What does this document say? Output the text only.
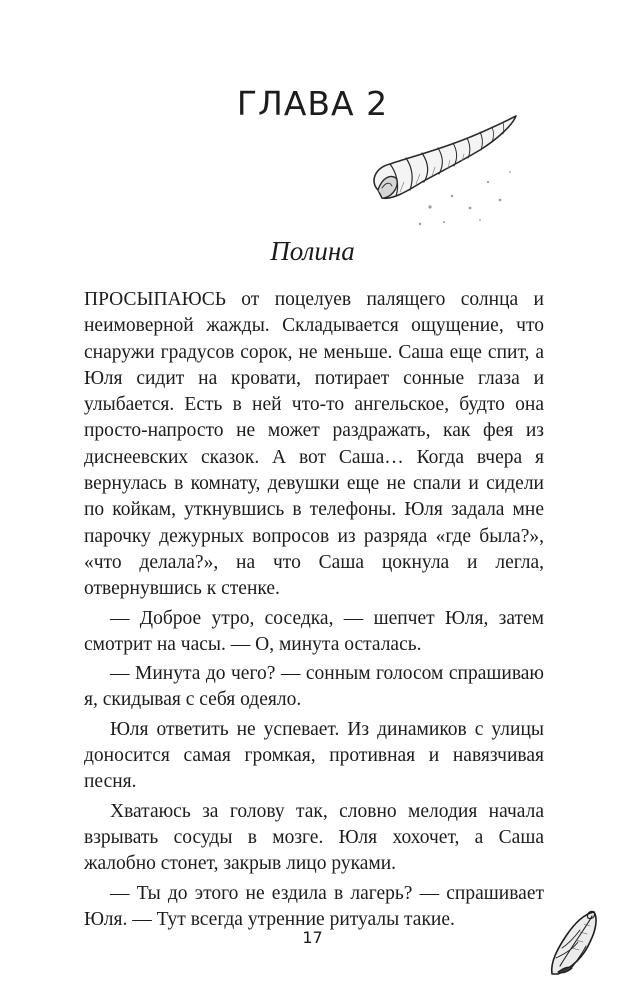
ГЛАВА 2
Полина

ПРОСЫПАЮСЬ от поцелуев палящего солнца и неимоверной жажды. Складывается ощущение, что снаружи градусов сорок, не меньше. Саша еще спит, а Юля сидит на кровати, потирает сонные глаза и улыбается. Есть в ней что-то ангельское, будто она просто-напросто не может раздражать, как фея из диснеевских сказок. А вот Саша… Когда вчера я вернулась в комнату, девушки еще не спали и сидели по койкам, уткнувшись в телефоны. Юля задала мне парочку дежурных вопросов из разряда «где была?», «что делала?», на что Саша цокнула и легла, отвернувшись к стенке.

— Доброе утро, соседка, — шепчет Юля, затем смотрит на часы. — О, минута осталась.

— Минута до чего? — сонным голосом спрашиваю я, скидывая с себя одеяло.

Юля ответить не успевает. Из динамиков с улицы доносится самая громкая, противная и навязчивая песня.

Хватаюсь за голову так, словно мелодия начала взрывать сосуды в мозге. Юля хохочет, а Саша жалобно стонет, закрыв лицо руками.

— Ты до этого не ездила в лагерь? — спрашивает Юля. — Тут всегда утренние ритуалы такие.

17
